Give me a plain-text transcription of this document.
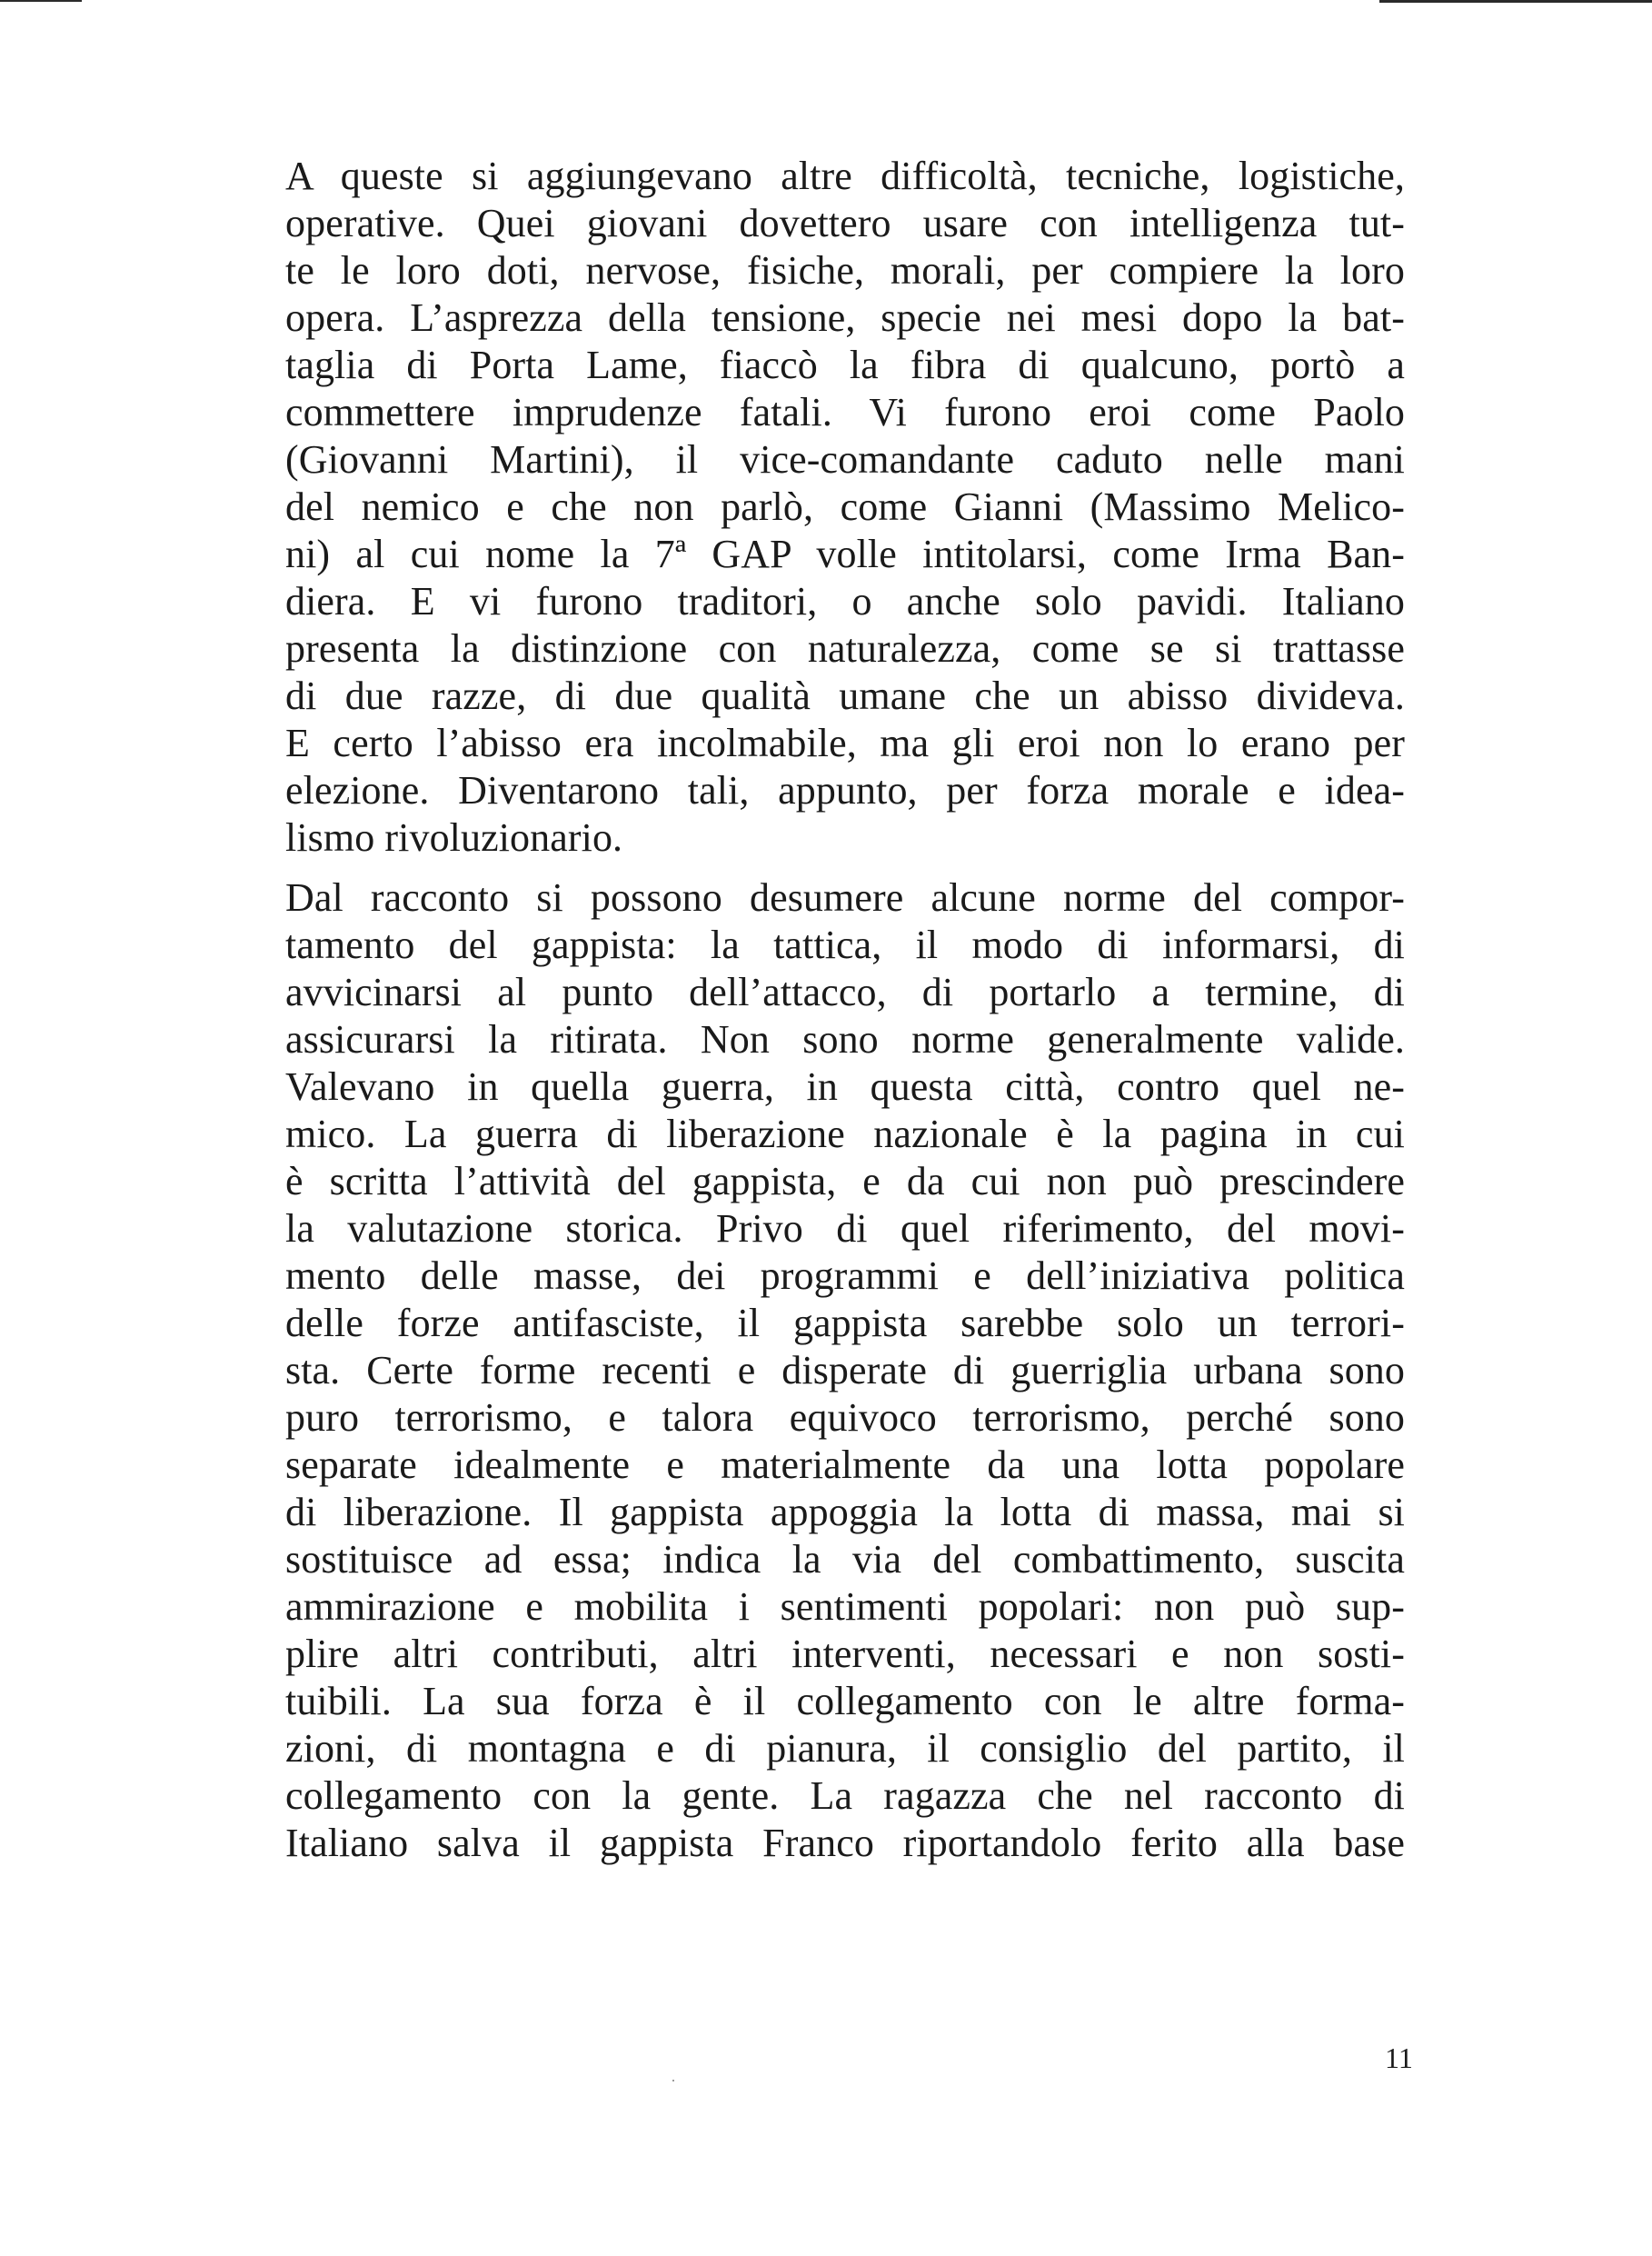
A queste si aggiungevano altre difficoltà, tecniche, logistiche,
operative. Quei giovani dovettero usare con intelligenza tut-
te le loro doti, nervose, fisiche, morali, per compiere la loro
opera. L’asprezza della tensione, specie nei mesi dopo la bat-
taglia di Porta Lame, fiaccò la fibra di qualcuno, portò a
commettere imprudenze fatali. Vi furono eroi come Paolo
(Giovanni Martini), il vice-comandante caduto nelle mani
del nemico e che non parlò, come Gianni (Massimo Melico-
ni) al cui nome la 7ª GAP volle intitolarsi, come Irma Ban-
diera. E vi furono traditori, o anche solo pavidi. Italiano
presenta la distinzione con naturalezza, come se si trattasse
di due razze, di due qualità umane che un abisso divideva.
E certo l’abisso era incolmabile, ma gli eroi non lo erano per
elezione. Diventarono tali, appunto, per forza morale e idea-
lismo rivoluzionario.
Dal racconto si possono desumere alcune norme del compor-
tamento del gappista: la tattica, il modo di informarsi, di
avvicinarsi al punto dell’attacco, di portarlo a termine, di
assicurarsi la ritirata. Non sono norme generalmente valide.
Valevano in quella guerra, in questa città, contro quel ne-
mico. La guerra di liberazione nazionale è la pagina in cui
è scritta l’attività del gappista, e da cui non può prescindere
la valutazione storica. Privo di quel riferimento, del movi-
mento delle masse, dei programmi e dell’iniziativa politica
delle forze antifasciste, il gappista sarebbe solo un terrori-
sta. Certe forme recenti e disperate di guerriglia urbana sono
puro terrorismo, e talora equivoco terrorismo, perché sono
separate idealmente e materialmente da una lotta popolare
di liberazione. Il gappista appoggia la lotta di massa, mai si
sostituisce ad essa; indica la via del combattimento, suscita
ammirazione e mobilita i sentimenti popolari: non può sup-
plire altri contributi, altri interventi, necessari e non sosti-
tuibili. La sua forza è il collegamento con le altre forma-
zioni, di montagna e di pianura, il consiglio del partito, il
collegamento con la gente. La ragazza che nel racconto di
Italiano salva il gappista Franco riportandolo ferito alla base
11
